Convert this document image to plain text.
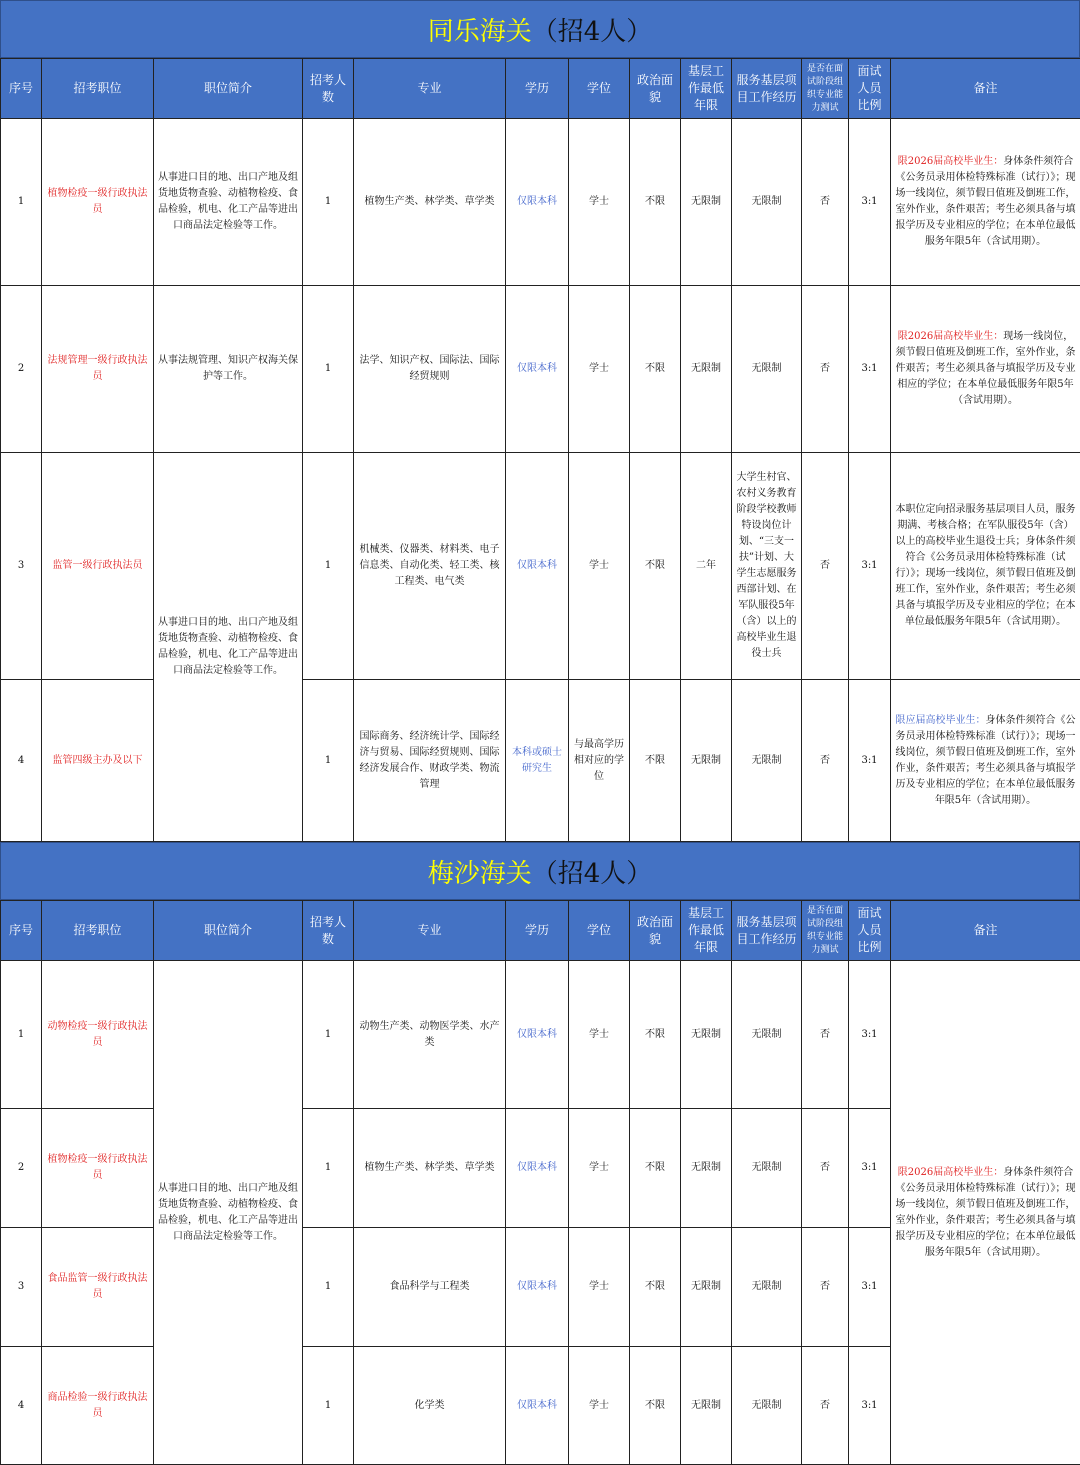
同乐海关 （招4人）
序号	招考职位	职位简介	招考人数	专业	学历	学位	政治面貌	基层工作最低年限	服务基层项目工作经历	是否在面试阶段组织专业能力测试	面试人员比例	备注
1	植物检疫一级行政执法员	从事进口目的地、出口产地及组货地货物查验、动植物检疫、食品检验，机电、化工产品等进出口商品法定检验等工作。	1	植物生产类、林学类、草学类	仅限本科	学士	不限	无限制	无限制	否	3:1	限2026届高校毕业生：身体条件须符合《公务员录用体检特殊标准（试行）》；现场一线岗位，须节假日值班及倒班工作，室外作业，条件艰苦；考生必须具备与填报学历及专业相应的学位；在本单位最低服务年限5年（含试用期）。
2	法规管理一级行政执法员	从事法规管理、知识产权海关保护等工作。	1	法学、知识产权、国际法、国际经贸规则	仅限本科	学士	不限	无限制	无限制	否	3:1	限2026届高校毕业生：现场一线岗位，须节假日值班及倒班工作，室外作业，条件艰苦；考生必须具备与填报学历及专业相应的学位；在本单位最低服务年限5年（含试用期）。
3	监管一级行政执法员	从事进口目的地、出口产地及组货地货物查验、动植物检疫、食品检验，机电、化工产品等进出口商品法定检验等工作。	1	机械类、仪器类、材料类、电子信息类、自动化类、轻工类、核工程类、电气类	仅限本科	学士	不限	二年	大学生村官、农村义务教育阶段学校教师特设岗位计划、“三支一扶”计划、大学生志愿服务西部计划、在军队服役5年（含）以上的高校毕业生退役士兵	否	3:1	本职位定向招录服务基层项目人员，服务期满、考核合格；在军队服役5年（含）以上的高校毕业生退役士兵；身体条件须符合《公务员录用体检特殊标准（试行）》；现场一线岗位，须节假日值班及倒班工作，室外作业，条件艰苦；考生必须具备与填报学历及专业相应的学位；在本单位最低服务年限5年（含试用期）。
4	监管四级主办及以下		1	国际商务、经济统计学、国际经济与贸易、国际经贸规则、国际经济发展合作、财政学类、物流管理	本科或硕士研究生	与最高学历相对应的学位	不限	无限制	无限制	否	3:1	限应届高校毕业生：身体条件须符合《公务员录用体检特殊标准（试行）》；现场一线岗位，须节假日值班及倒班工作，室外作业，条件艰苦；考生必须具备与填报学历及专业相应的学位；在本单位最低服务年限5年（含试用期）。
梅沙海关 （招4人）
序号	招考职位	职位简介	招考人数	专业	学历	学位	政治面貌	基层工作最低年限	服务基层项目工作经历	是否在面试阶段组织专业能力测试	面试人员比例	备注
1	动物检疫一级行政执法员	从事进口目的地、出口产地及组货地货物查验、动植物检疫、食品检验，机电、化工产品等进出口商品法定检验等工作。	1	动物生产类、动物医学类、水产类	仅限本科	学士	不限	无限制	无限制	否	3:1	限2026届高校毕业生：身体条件须符合《公务员录用体检特殊标准（试行）》；现场一线岗位，须节假日值班及倒班工作，室外作业，条件艰苦；考生必须具备与填报学历及专业相应的学位；在本单位最低服务年限5年（含试用期）。
2	植物检疫一级行政执法员		1	植物生产类、林学类、草学类	仅限本科	学士	不限	无限制	无限制	否	3:1	
3	食品监管一级行政执法员		1	食品科学与工程类	仅限本科	学士	不限	无限制	无限制	否	3:1	
4	商品检验一级行政执法员		1	化学类	仅限本科	学士	不限	无限制	无限制	否	3:1	
